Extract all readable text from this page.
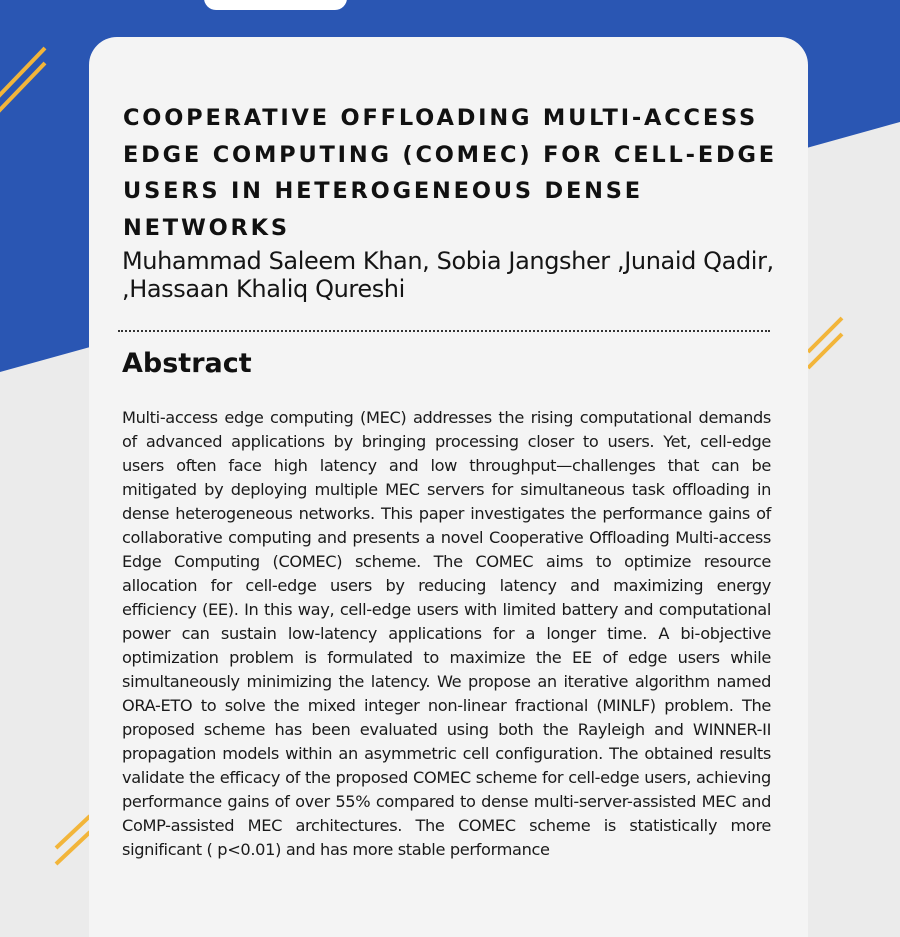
COOPERATIVE OFFLOADING MULTI-ACCESS EDGE COMPUTING (COMEC) FOR CELL-EDGE USERS IN HETEROGENEOUS DENSE NETWORKS
Muhammad Saleem Khan, Sobia Jangsher ,Junaid Qadir, ,Hassaan Khaliq Qureshi
Abstract

Multi-access edge computing (MEC) addresses the rising computational demands of advanced applications by bringing processing closer to users. Yet, cell-edge users often face high latency and low throughput—challenges that can be mitigated by deploying multiple MEC servers for simultaneous task offloading in dense heterogeneous networks. This paper investigates the performance gains of collaborative computing and presents a novel Cooperative Offloading Multi-access Edge Computing (COMEC) scheme. The COMEC aims to optimize resource allocation for cell-edge users by reducing latency and maximizing energy efficiency (EE). In this way, cell-edge users with limited battery and computational power can sustain low-latency applications for a longer time. A bi-objective optimization problem is formulated to maximize the EE of edge users while simultaneously minimizing the latency. We propose an iterative algorithm named ORA-ETO to solve the mixed integer non-linear fractional (MINLF) problem. The proposed scheme has been evaluated using both the Rayleigh and WINNER-II propagation models within an asymmetric cell configuration. The obtained results validate the efficacy of the proposed COMEC scheme for cell-edge users, achieving performance gains of over 55% compared to dense multi-server-assisted MEC and CoMP-assisted MEC architectures. The COMEC scheme is statistically more significant ( p<0.01) and has more stable performance
